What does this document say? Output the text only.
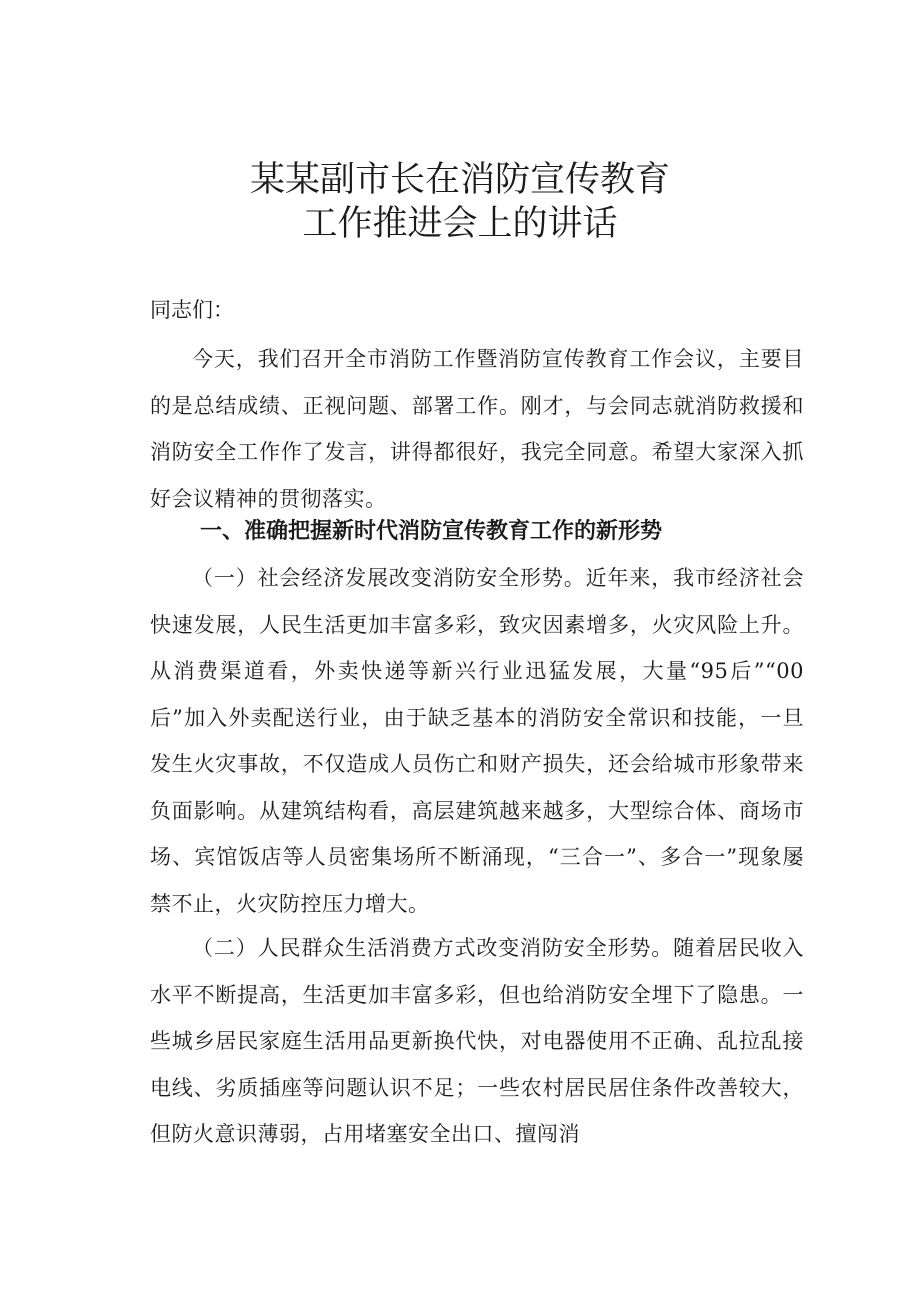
某某副市长在消防宣传教育
工作推进会上的讲话

同志们：

今天，我们召开全市消防工作暨消防宣传教育工作会议，主要目的是总结成绩、正视问题、部署工作。刚才，与会同志就消防救援和消防安全工作作了发言，讲得都很好，我完全同意。希望大家深入抓好会议精神的贯彻落实。

一、准确把握新时代消防宣传教育工作的新形势

（一）社会经济发展改变消防安全形势。近年来，我市经济社会快速发展，人民生活更加丰富多彩，致灾因素增多，火灾风险上升。从消费渠道看，外卖快递等新兴行业迅猛发展，大量“95后”“00后”加入外卖配送行业，由于缺乏基本的消防安全常识和技能，一旦发生火灾事故，不仅造成人员伤亡和财产损失，还会给城市形象带来负面影响。从建筑结构看，高层建筑越来越多，大型综合体、商场市场、宾馆饭店等人员密集场所不断涌现，“三合一”、多合一”现象屡禁不止，火灾防控压力增大。

（二）人民群众生活消费方式改变消防安全形势。随着居民收入水平不断提高，生活更加丰富多彩，但也给消防安全埋下了隐患。一些城乡居民家庭生活用品更新换代快，对电器使用不正确、乱拉乱接电线、劣质插座等问题认识不足；一些农村居民居住条件改善较大，但防火意识薄弱，占用堵塞安全出口、擅闯消
